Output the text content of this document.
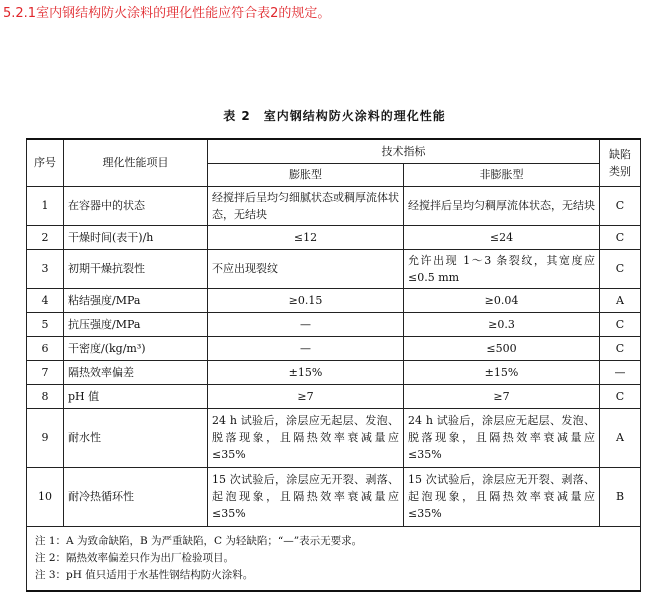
5.2.1室内钢结构防火涂料的理化性能应符合表2的规定。
表 2　室内钢结构防火涂料的理化性能
序号	理化性能项目	技术指标		缺陷类别
		膨胀型	非膨胀型	
1	在容器中的状态	经搅拌后呈均匀细腻状态或稠厚流体状态，无结块	经搅拌后呈均匀稠厚流体状态，无结块	C
2	干燥时间(表干)/h	≤12	≤24	C
3	初期干燥抗裂性	不应出现裂纹	允许出现 1～3 条裂纹，其宽度应≤0.5 mm	C
4	粘结强度/MPa	≥0.15	≥0.04	A
5	抗压强度/MPa	—	≥0.3	C
6	干密度/(kg/m³)	—	≤500	C
7	隔热效率偏差	±15%	±15%	—
8	pH 值	≥7	≥7	C
9	耐水性	24 h 试验后，涂层应无起层、发泡、脱落现象，且隔热效率衰减量应≤35%	24 h 试验后，涂层应无起层、发泡、脱落现象，且隔热效率衰减量应≤35%	A
10	耐冷热循环性	15 次试验后，涂层应无开裂、剥落、起泡现象，且隔热效率衰减量应≤35%	15 次试验后，涂层应无开裂、剥落、起泡现象，且隔热效率衰减量应≤35%	B

注 1：A 为致命缺陷，B 为严重缺陷，C 为轻缺陷；“—”表示无要求。
注 2：隔热效率偏差只作为出厂检验项目。
注 3：pH 值只适用于水基性钢结构防火涂料。				
